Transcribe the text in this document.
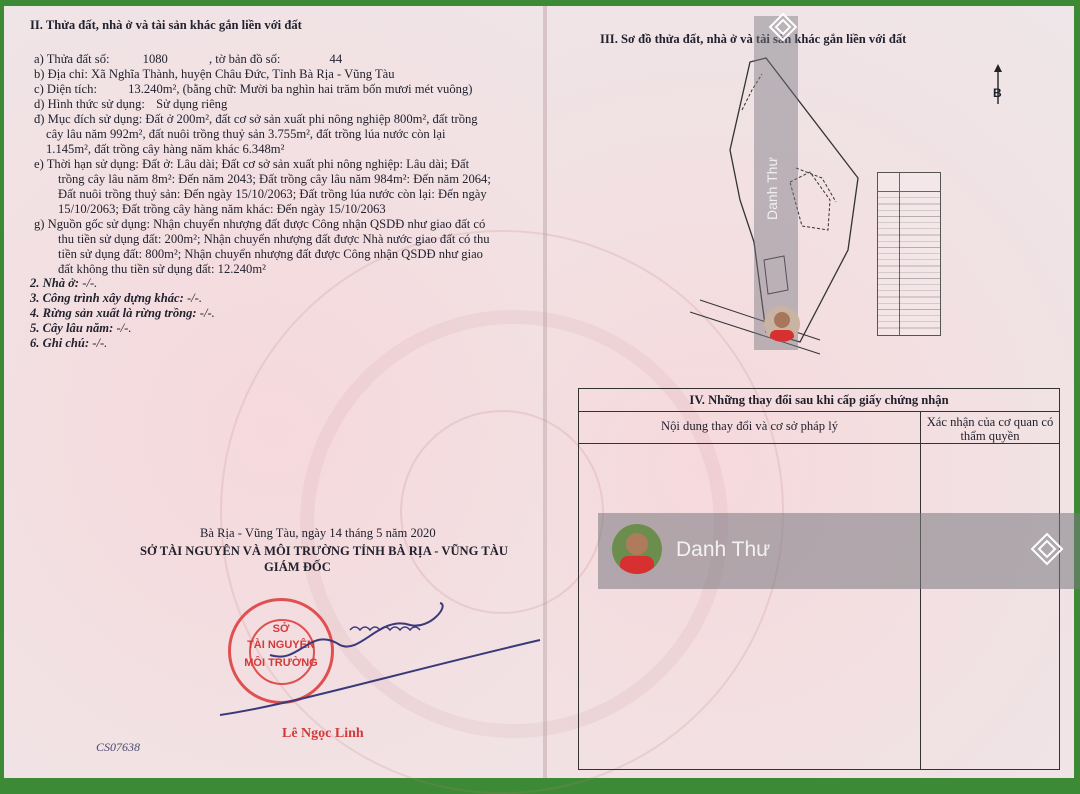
II. Thửa đất, nhà ở và tài sản khác gắn liền với đất
a) Thửa đất số:	1080	, tờ bản đồ số:	44
b) Địa chỉ: Xã Nghĩa Thành, huyện Châu Đức, Tỉnh Bà Rịa - Vũng Tàu
c) Diện tích: 13.240m², (bằng chữ: Mười ba nghìn hai trăm bốn mươi mét vuông)
d) Hình thức sử dụng: Sử dụng riêng
đ) Mục đích sử dụng: Đất ở 200m², đất cơ sở sản xuất phi nông nghiệp 800m², đất trồng
cây lâu năm 992m², đất nuôi trồng thuỷ sản 3.755m², đất trồng lúa nước còn lại
1.145m², đất trồng cây hàng năm khác 6.348m²
e) Thời hạn sử dụng: Đất ở: Lâu dài; Đất cơ sở sản xuất phi nông nghiệp: Lâu dài; Đất
trồng cây lâu năm 8m²: Đến năm 2043; Đất trồng cây lâu năm 984m²: Đến năm 2064;
Đất nuôi trồng thuỷ sản: Đến ngày 15/10/2063; Đất trồng lúa nước còn lại: Đến ngày
15/10/2063; Đất trồng cây hàng năm khác: Đến ngày 15/10/2063
g) Nguồn gốc sử dụng: Nhận chuyển nhượng đất được Công nhận QSDĐ như giao đất có
thu tiền sử dụng đất: 200m²; Nhận chuyển nhượng đất được Nhà nước giao đất có thu
tiền sử dụng đất: 800m²; Nhận chuyển nhượng đất được Công nhận QSDĐ như giao
đất không thu tiền sử dụng đất: 12.240m²
2. Nhà ở: -/-.
3. Công trình xây dựng khác: -/-.
4. Rừng sản xuất là rừng trồng: -/-.
5. Cây lâu năm: -/-.
6. Ghi chú: -/-.
Bà Rịa - Vũng Tàu, ngày 14 tháng 5 năm 2020
SỞ TÀI NGUYÊN VÀ MÔI TRƯỜNG TỈNH BÀ RỊA - VŨNG TÀU
GIÁM ĐỐC
SỞ
TÀI NGUYÊN
MÔI TRƯỜNG
Lê Ngọc Linh
CS07638
III. Sơ đồ thửa đất, nhà ở và tài sản khác gắn liền với đất
B
IV. Những thay đổi sau khi cấp giấy chứng nhận
Nội dung thay đổi và cơ sở pháp lý	Xác nhận của cơ quan có thẩm quyền
Danh Thư
Danh Thư
